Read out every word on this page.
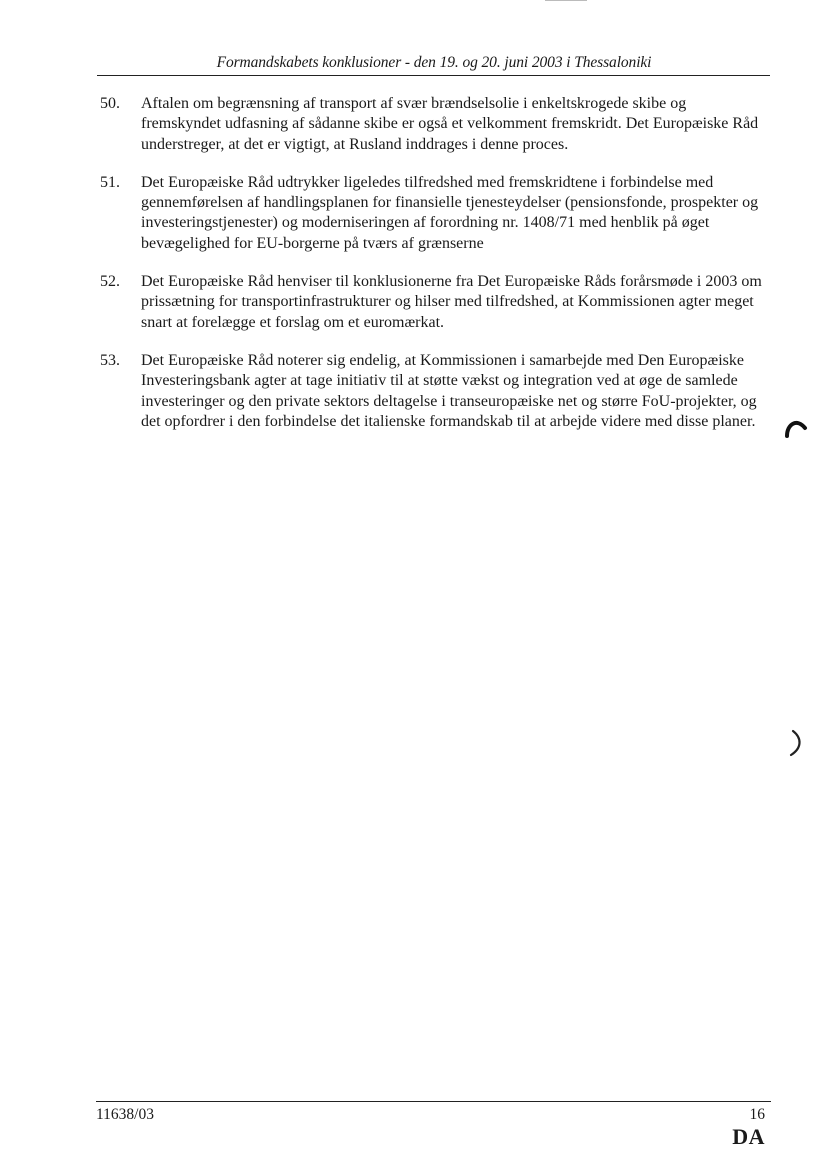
Formandskabets konklusioner - den 19. og 20. juni 2003 i Thessaloniki
50.	Aftalen om begrænsning af transport af svær brændselsolie i enkeltskrogede skibe og fremskyndet udfasning af sådanne skibe er også et velkomment fremskridt. Det Europæiske Råd understreger, at det er vigtigt, at Rusland inddrages i denne proces.
51.	Det Europæiske Råd udtrykker ligeledes tilfredshed med fremskridtene i forbindelse med gennemførelsen af handlingsplanen for finansielle tjenesteydelser (pensionsfonde, prospekter og investeringstjenester) og moderniseringen af forordning nr. 1408/71 med henblik på øget bevægelighed for EU-borgerne på tværs af grænserne
52.	Det Europæiske Råd henviser til konklusionerne fra Det Europæiske Råds forårsmøde i 2003 om prissætning for transportinfrastrukturer og hilser med tilfredshed, at Kommissionen agter meget snart at forelægge et forslag om et euromærkat.
53.	Det Europæiske Råd noterer sig endelig, at Kommissionen i samarbejde med Den Europæiske Investeringsbank agter at tage initiativ til at støtte vækst og integration ved at øge de samlede investeringer og den private sektors deltagelse i transeuropæiske net og større FoU-projekter, og det opfordrer i den forbindelse det italienske formandskab til at arbejde videre med disse planer.
11638/03	16
DA
